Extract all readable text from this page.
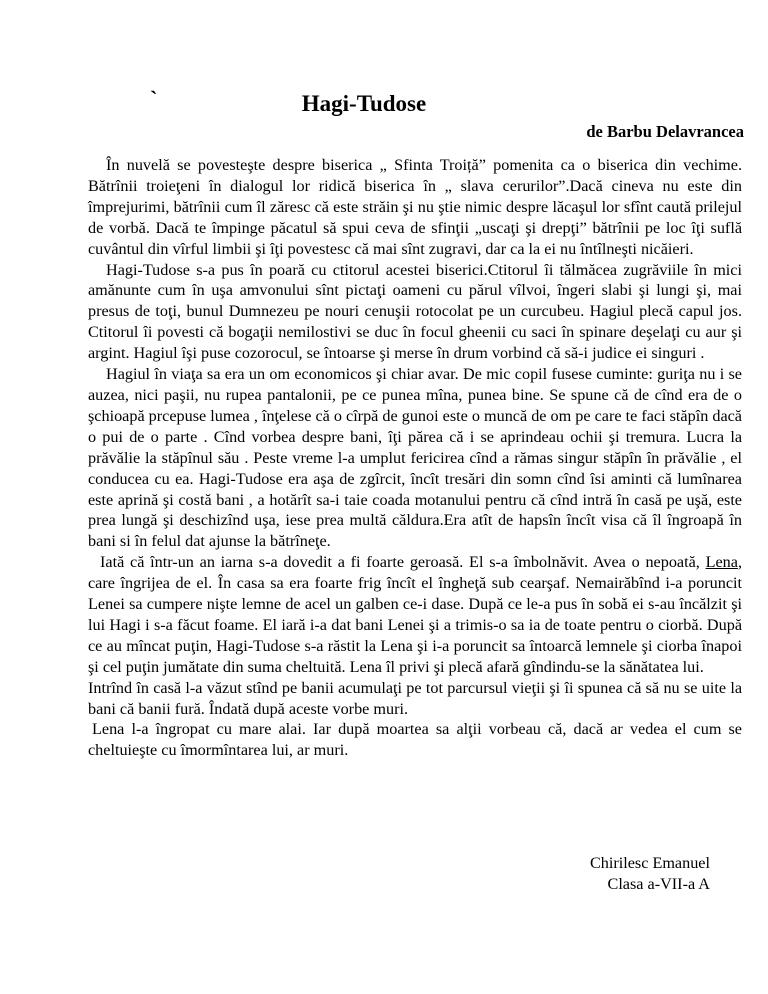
`	Hagi-Tudose
de Barbu Delavrancea

În nuvelă se povesteşte despre biserica „ Sfinta Troiță” pomenita ca o biserica din vechime. Bătrînii troieţeni în dialogul lor ridică biserica în „ slava cerurilor”.Dacă cineva nu este din împrejurimi, bătrînii cum îl zăresc că este străin şi nu ştie nimic despre lăcaşul lor sfînt caută prilejul de vorbă. Dacă te împinge păcatul să spui ceva de sfinţii „uscaţi şi drepţi” bătrînii pe loc îţi suflă cuvântul din vîrful limbii şi îţi povestesc că mai sînt zugravi, dar ca la ei nu întîlneşti nicăieri.

Hagi-Tudose s-a pus în poară cu ctitorul acestei biserici.Ctitorul îi tălmăcea zugrăviile în mici amănunte cum în uşa amvonului sînt pictaţi oameni cu părul vîlvoi, îngeri slabi şi lungi şi, mai presus de toţi, bunul Dumnezeu pe nouri cenuşii rotocolat pe un curcubeu. Hagiul plecă capul jos. Ctitorul îi povesti că bogaţii nemilostivi se duc în focul gheenii cu saci în spinare deşelaţi cu aur şi argint. Hagiul îşi puse cozorocul, se întoarse şi merse în drum vorbind că să-i judice ei singuri .

Hagiul în viaţa sa era un om economicos şi chiar avar. De mic copil fusese cuminte: guriţa nu i se auzea, nici paşii, nu rupea pantalonii, pe ce punea mîna, punea bine. Se spune că de cînd era de o şchioapă prcepuse lumea , înţelese că o cîrpă de gunoi este o muncă de om pe care te faci stăpîn dacă o pui de o parte . Cînd vorbea despre bani, îţi părea că i se aprindeau ochii şi tremura. Lucra la prăvălie la stăpînul său . Peste vreme l-a umplut fericirea cînd a rămas singur stăpîn în prăvălie , el conducea cu ea. Hagi-Tudose era aşa de zgîrcit, încît tresări din somn cînd îsi aminti că lumînarea este aprină şi costă bani , a hotărît sa-i taie coada motanului pentru că cînd intră în casă pe uşă, este prea lungă şi deschizînd uşa, iese prea multă căldura.Era atît de hapsîn încît visa că îl îngroapă în bani si în felul dat ajunse la bătrîneţe.

Iată că într-un an iarna s-a dovedit a fi foarte geroasă. El s-a îmbolnăvit. Avea o nepoată, Lena, care îngrijea de el. În casa sa era foarte frig încît el îngheţă sub cearşaf. Nemairăbînd i-a poruncit Lenei sa cumpere nişte lemne de acel un galben ce-i dase. După ce le-a pus în sobă ei s-au încălzit şi lui Hagi i s-a făcut foame. El iară i-a dat bani Lenei şi a trimis-o sa ia de toate pentru o ciorbă. După ce au mîncat puţin, Hagi-Tudose s-a răstit la Lena şi i-a poruncit sa întoarcă lemnele şi ciorba înapoi şi cel puţin jumătate din suma cheltuită. Lena îl privi şi plecă afară gîndindu-se la sănătatea lui.

Intrînd în casă l-a văzut stînd pe banii acumulaţi pe tot parcursul vieţii şi îi spunea că să nu se uite la bani că banii fură. Îndată după aceste vorbe muri.

Lena l-a îngropat cu mare alai. Iar după moartea sa alţii vorbeau că, dacă ar vedea el cum se cheltuieşte cu îmormîntarea lui, ar muri.

Chirilesc Emanuel
Clasa a-VII-a A
